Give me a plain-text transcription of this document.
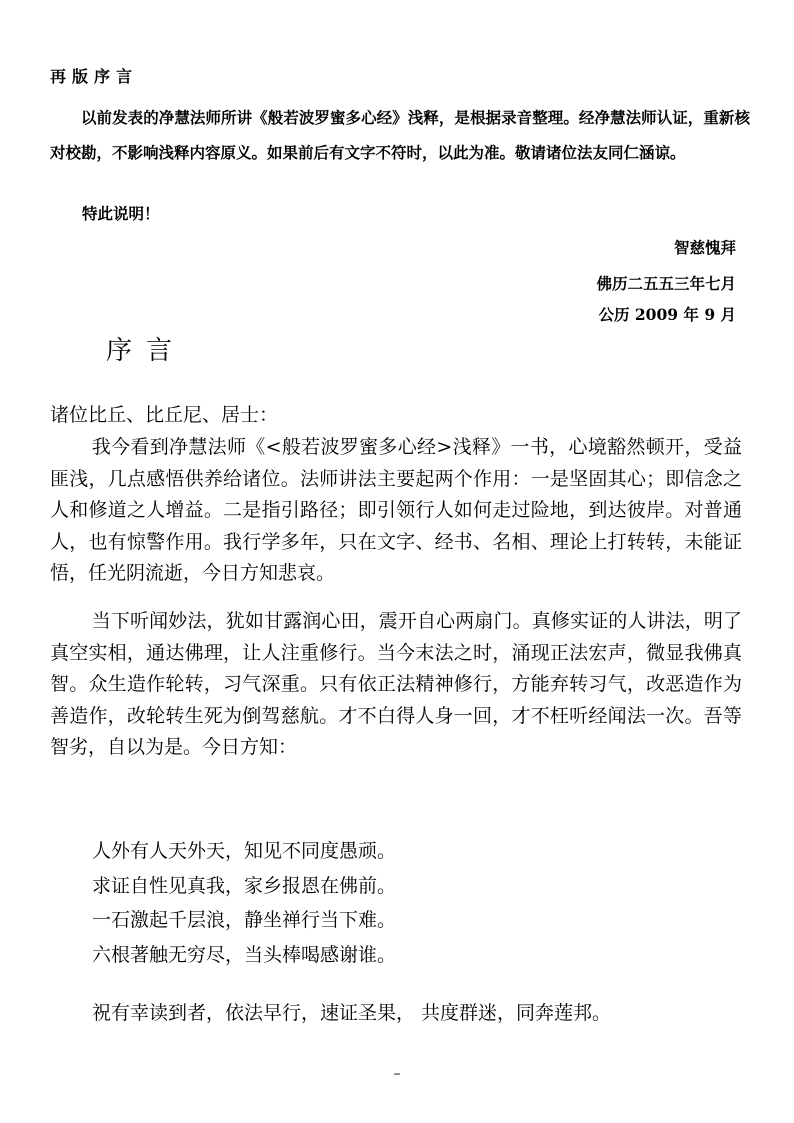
再版序言

以前发表的净慧法师所讲《般若波罗蜜多心经》浅释，是根据录音整理。经净慧法师认证，重新核对校勘，不影响浅释内容原义。如果前后有文字不符时，以此为准。敬请诸位法友同仁涵谅。

特此说明！
智慈愧拜
佛历二五五三年七月
公历 2009 年 9 月
序言
诸位比丘、比丘尼、居士：

我今看到净慧法师《<般若波罗蜜多心经>浅释》一书，心境豁然顿开，受益匪浅，几点感悟供养给诸位。法师讲法主要起两个作用：一是坚固其心；即信念之人和修道之人增益。二是指引路径；即引领行人如何走过险地，到达彼岸。对普通人，也有惊警作用。我行学多年，只在文字、经书、名相、理论上打转转，未能证悟，任光阴流逝，今日方知悲哀。

当下听闻妙法，犹如甘露润心田，震开自心两扇门。真修实证的人讲法，明了真空实相，通达佛理，让人注重修行。当今末法之时，涌现正法宏声，微显我佛真智。众生造作轮转，习气深重。只有依正法精神修行，方能弃转习气，改恶造作为善造作，改轮转生死为倒驾慈航。才不白得人身一回，才不枉听经闻法一次。吾等智劣，自以为是。今日方知：

人外有人天外天，知见不同度愚顽。
求证自性见真我，家乡报恩在佛前。
一石激起千层浪，静坐禅行当下难。
六根著触无穷尽，当头棒喝感谢谁。
祝有幸读到者，依法早行，速证圣果， 共度群迷，同奔莲邦。
–
